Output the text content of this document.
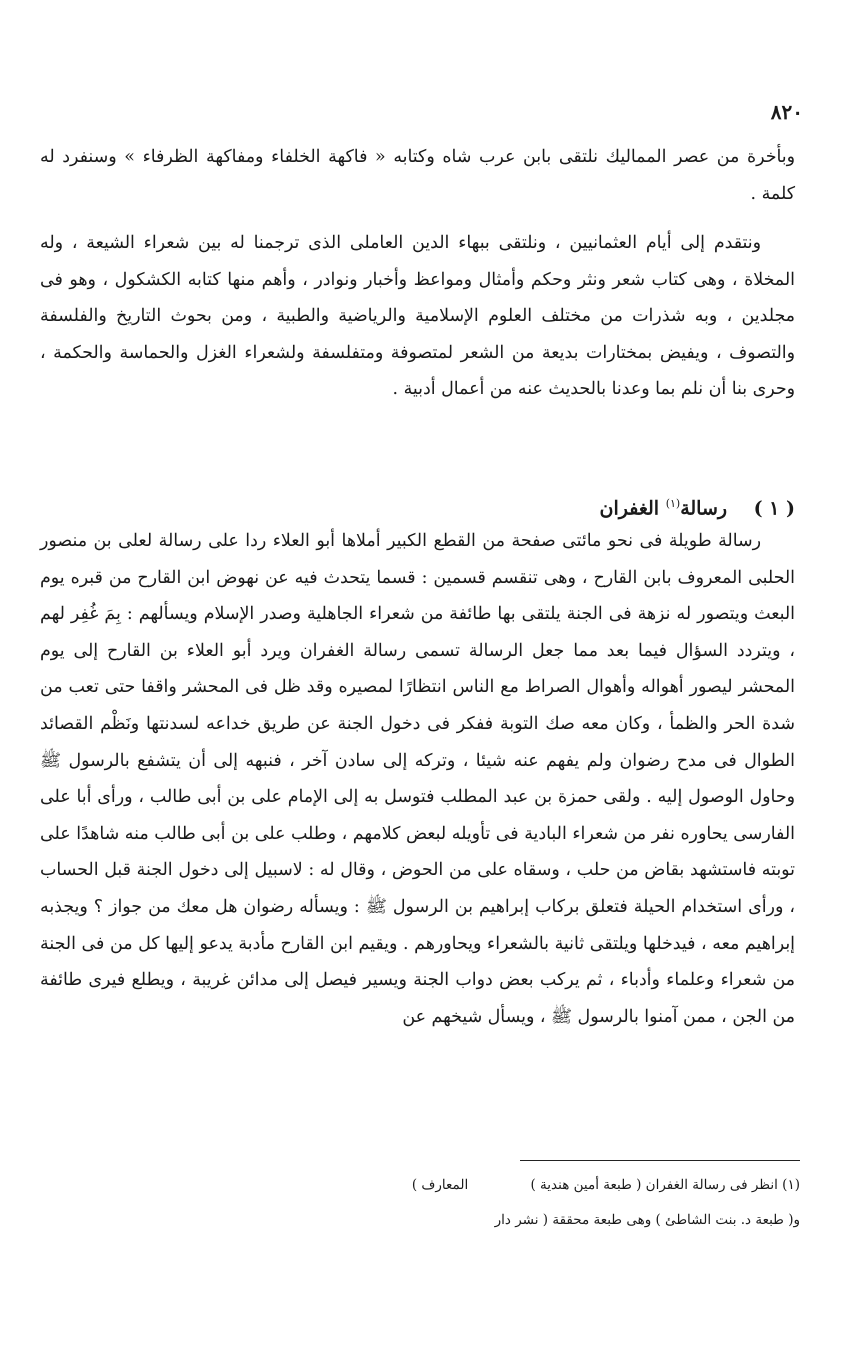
٨٢٠

وبأخرة من عصر المماليك نلتقى بابن عرب شاه وكتابه « فاكهة الخلفاء ومفاكهة الظرفاء » وسنفرد له كلمة .

ونتقدم إلى أيام العثمانيين ، ونلتقى ببهاء الدين العاملى الذى ترجمنا له بين شعراء الشيعة ، وله المخلاة ، وهى كتاب شعر ونثر وحكم وأمثال ومواعظ وأخبار ونوادر ، وأهم منها كتابه الكشكول ، وهو فى مجلدين ، وبه شذرات من مختلف العلوم الإسلامية والرياضية والطبية ، ومن بحوث التاريخ والفلسفة والتصوف ، ويفيض بمختارات بديعة من الشعر لمتصوفة ومتفلسفة ولشعراء الغزل والحماسة والحكمة ، وحرى بنا أن نلم بما وعدنا بالحديث عنه من أعمال أدبية .

( ١ )    رسالة$^{(١)}$ الغفران

رسالة طويلة فى نحو مائتى صفحة من القطع الكبير أملاها أبو العلاء ردا على رسالة لعلى بن منصور الحلبى المعروف بابن القارح ، وهى تنقسم قسمين : قسما يتحدث فيه عن نهوض ابن القارح من قبره يوم البعث ويتصور له نزهة فى الجنة يلتقى بها طائفة من شعراء الجاهلية وصدر الإسلام ويسألهم : بِمَ غُفِر لهم ، ويتردد السؤال فيما بعد مما جعل الرسالة تسمى رسالة الغفران ويرد أبو العلاء بن القارح إلى يوم المحشر ليصور أهواله وأهوال الصراط مع الناس انتظارًا لمصيره وقد ظل فى المحشر واقفا حتى تعب من شدة الحر والظمأ ، وكان معه صك التوبة ففكر فى دخول الجنة عن طريق خداعه لسدنتها ونَظْم القصائد الطوال فى مدح رضوان ولم يفهم عنه شيئا ، وتركه إلى سادن آخر ، فنبهه إلى أن يتشفع بالرسول ﷺ وحاول الوصول إليه . ولقى حمزة بن عبد المطلب فتوسل به إلى الإمام على بن أبى طالب ، ورأى أبا على الفارسى يحاوره نفر من شعراء البادية فى تأويله لبعض كلامهم ، وطلب على بن أبى طالب منه شاهدًا على توبته فاستشهد بقاض من حلب ، وسقاه على من الحوض ، وقال له : لاسبيل إلى دخول الجنة قبل الحساب ، ورأى استخدام الحيلة فتعلق بركاب إبراهيم بن الرسول ﷺ : ويسأله رضوان هل معك من جواز ؟ ويجذبه إبراهيم معه ، فيدخلها ويلتقى ثانية بالشعراء ويحاورهم . ويقيم ابن القارح مأدبة يدعو إليها كل من فى الجنة من شعراء وعلماء وأدباء ، ثم يركب بعض دواب الجنة ويسير فيصل إلى مدائن غريبة ، ويطلع فيرى طائفة من الجن ، ممن آمنوا بالرسول ﷺ ، ويسأل شيخهم عن

(١) انظر فى رسالة الغفران ( طبعة أمين هندية ) المعارف )
و( طبعة د. بنت الشاطئ ) وهى طبعة محققة ( نشر دار
